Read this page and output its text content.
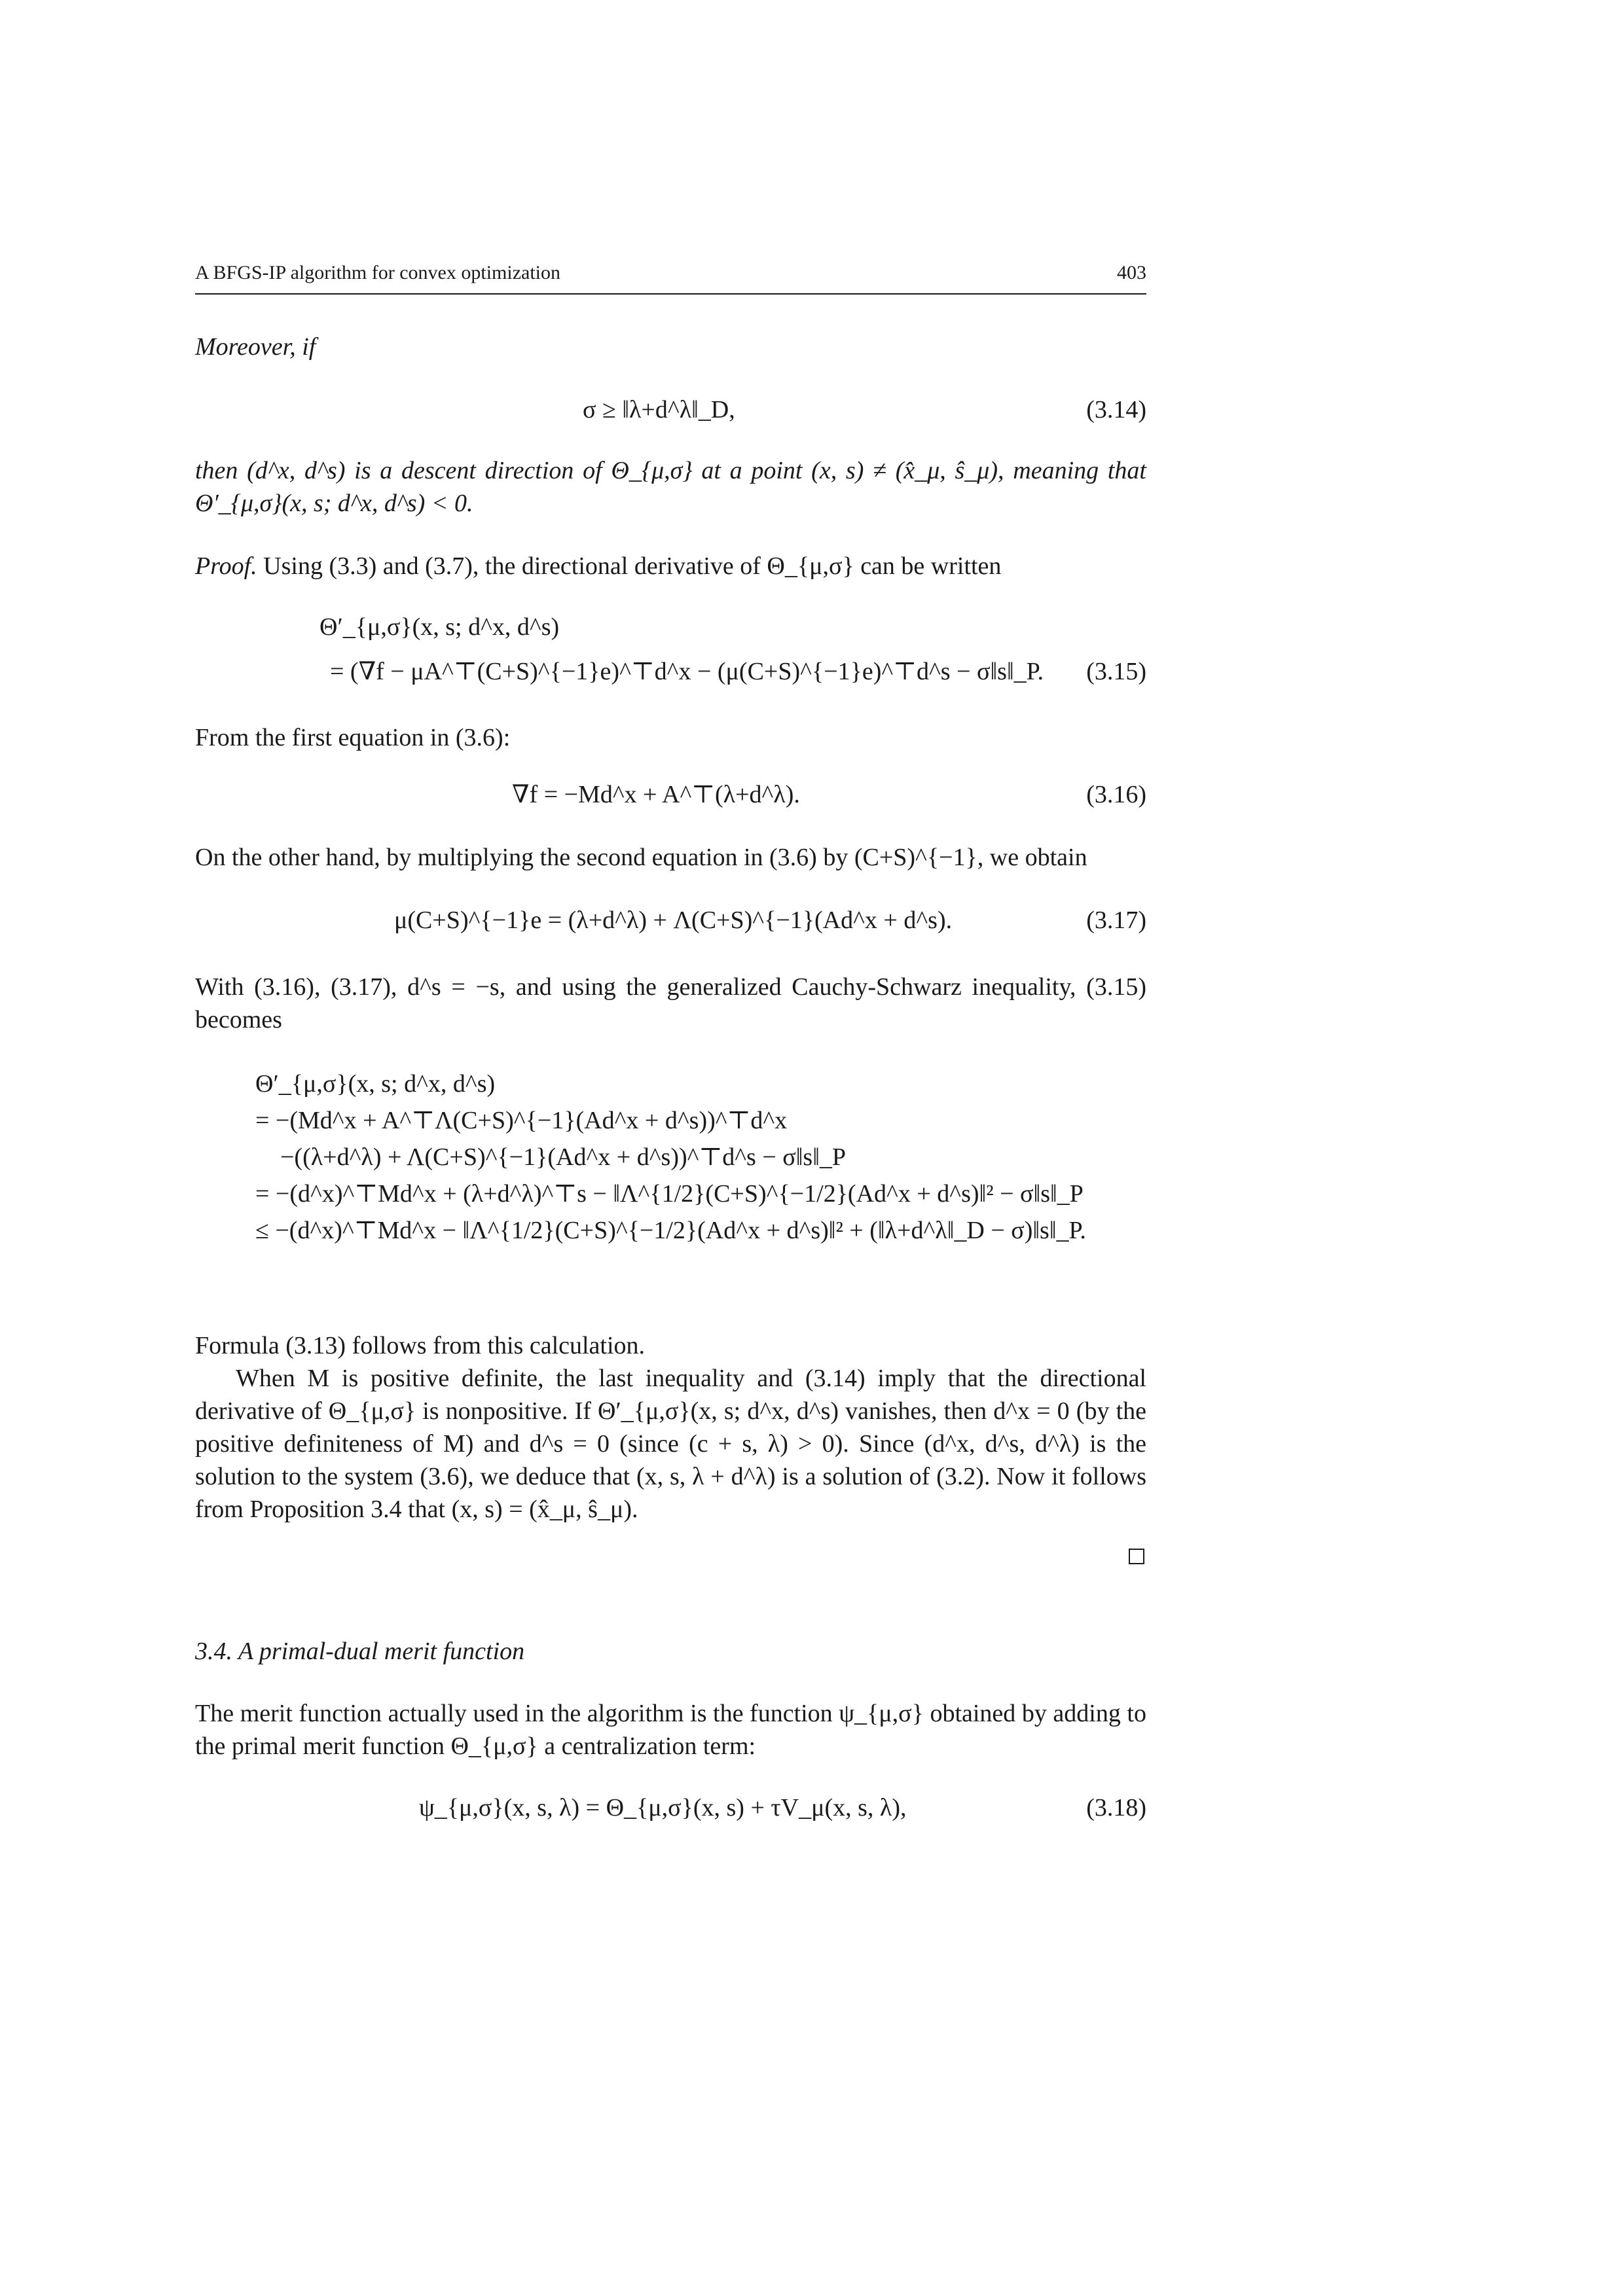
A BFGS-IP algorithm for convex optimization	403
Moreover, if
σ ≥ ‖λ+d^λ‖_D,	(3.14)
then (d^x, d^s) is a descent direction of Θ_{μ,σ} at a point (x, s) ≠ (x̂_μ, ŝ_μ), meaning that Θ′_{μ,σ}(x, s; d^x, d^s) < 0.
Proof. Using (3.3) and (3.7), the directional derivative of Θ_{μ,σ} can be written
Θ′_{μ,σ}(x, s; d^x, d^s)
= (∇f − μA^⊤(C+S)^{−1}e)^⊤d^x − (μ(C+S)^{−1}e)^⊤d^s − σ‖s‖_P. (3.15)
From the first equation in (3.6):
∇f = −Md^x + A^⊤(λ+d^λ).	(3.16)
On the other hand, by multiplying the second equation in (3.6) by (C+S)^{−1}, we obtain
μ(C+S)^{−1}e = (λ+d^λ) + Λ(C+S)^{−1}(Ad^x + d^s).	(3.17)
With (3.16), (3.17), d^s = −s, and using the generalized Cauchy-Schwarz inequality, (3.15) becomes
Θ′_{μ,σ}(x, s; d^x, d^s)
= −(Md^x + A^⊤Λ(C+S)^{−1}(Ad^x + d^s))^⊤d^x
−((λ+d^λ) + Λ(C+S)^{−1}(Ad^x + d^s))^⊤d^s − σ‖s‖_P
= −(d^x)^⊤Md^x + (λ+d^λ)^⊤s − ‖Λ^{1/2}(C+S)^{−1/2}(Ad^x + d^s)‖² − σ‖s‖_P
≤ −(d^x)^⊤Md^x − ‖Λ^{1/2}(C+S)^{−1/2}(Ad^x + d^s)‖² + (‖λ+d^λ‖_D − σ)‖s‖_P.
Formula (3.13) follows from this calculation.
When M is positive definite, the last inequality and (3.14) imply that the directional derivative of Θ_{μ,σ} is nonpositive. If Θ′_{μ,σ}(x, s; d^x, d^s) vanishes, then d^x = 0 (by the positive definiteness of M) and d^s = 0 (since (c + s, λ) > 0). Since (d^x, d^s, d^λ) is the solution to the system (3.6), we deduce that (x, s, λ + d^λ) is a solution of (3.2). Now it follows from Proposition 3.4 that (x, s) = (x̂_μ, ŝ_μ).
3.4. A primal-dual merit function
The merit function actually used in the algorithm is the function ψ_{μ,σ} obtained by adding to the primal merit function Θ_{μ,σ} a centralization term:
ψ_{μ,σ}(x, s, λ) = Θ_{μ,σ}(x, s) + τV_μ(x, s, λ),	(3.18)
